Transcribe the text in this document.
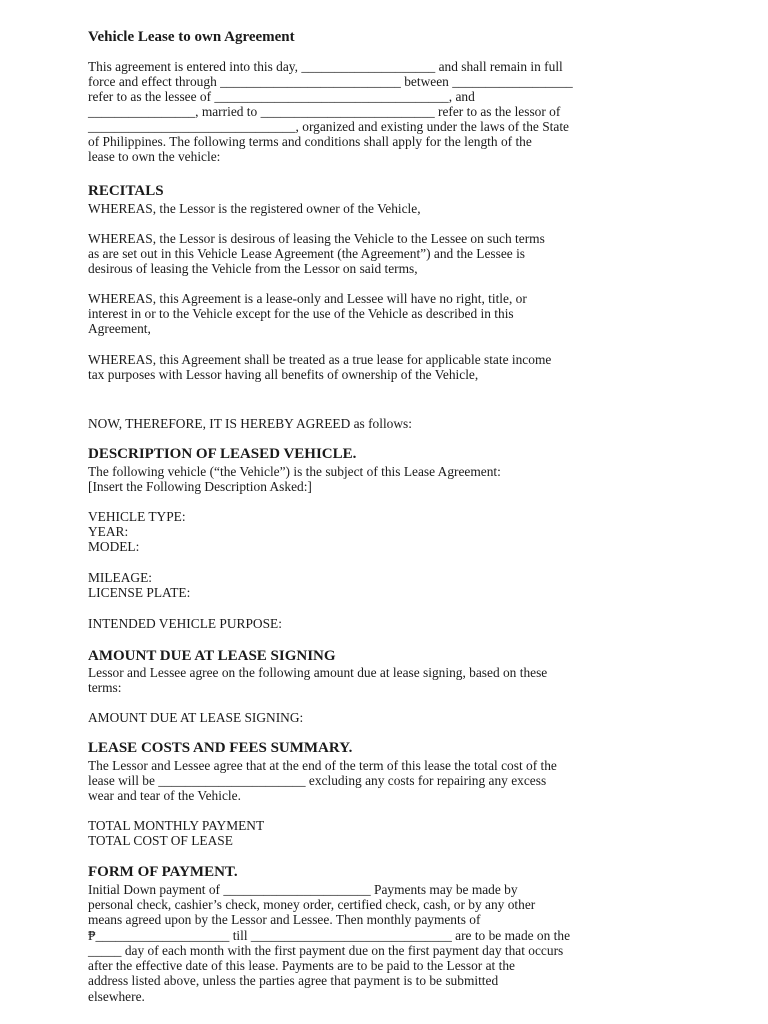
Vehicle Lease to own Agreement

This agreement is entered into this day, ____________________ and shall remain in full

force and effect through ___________________________ between __________________

refer to as the lessee of ___________________________________, and

________________, married to __________________________ refer to as the lessor of

_______________________________, organized and existing under the laws of the State

of Philippines. The following terms and conditions shall apply for the length of the

lease to own the vehicle:

RECITALS

WHEREAS, the Lessor is the registered owner of the Vehicle,

WHEREAS, the Lessor is desirous of leasing the Vehicle to the Lessee on such terms

as are set out in this Vehicle Lease Agreement (the Agreement”) and the Lessee is

desirous of leasing the Vehicle from the Lessor on said terms,

WHEREAS, this Agreement is a lease-only and Lessee will have no right, title, or

interest in or to the Vehicle except for the use of the Vehicle as described in this

Agreement,

WHEREAS, this Agreement shall be treated as a true lease for applicable state income

tax purposes with Lessor having all benefits of ownership of the Vehicle,

NOW, THEREFORE, IT IS HEREBY AGREED as follows:

DESCRIPTION OF LEASED VEHICLE.

The following vehicle (“the Vehicle”) is the subject of this Lease Agreement:

[Insert the Following Description Asked:]

VEHICLE TYPE:

YEAR:

MODEL:

MILEAGE:

LICENSE PLATE:

INTENDED VEHICLE PURPOSE:

AMOUNT DUE AT LEASE SIGNING

Lessor and Lessee agree on the following amount due at lease signing, based on these

terms:

AMOUNT DUE AT LEASE SIGNING:

LEASE COSTS AND FEES SUMMARY.

The Lessor and Lessee agree that at the end of the term of this lease the total cost of the

lease will be ______________________ excluding any costs for repairing any excess

wear and tear of the Vehicle.

TOTAL MONTHLY PAYMENT

TOTAL COST OF LEASE

FORM OF PAYMENT.

Initial Down payment of ______________________ Payments may be made by

personal check, cashier’s check, money order, certified check, cash, or by any other

means agreed upon by the Lessor and Lessee. Then monthly payments of

₱____________________ till ______________________________ are to be made on the

_____ day of each month with the first payment due on the first payment day that occurs

after the effective date of this lease. Payments are to be paid to the Lessor at the

address listed above, unless the parties agree that payment is to be submitted

elsewhere.
